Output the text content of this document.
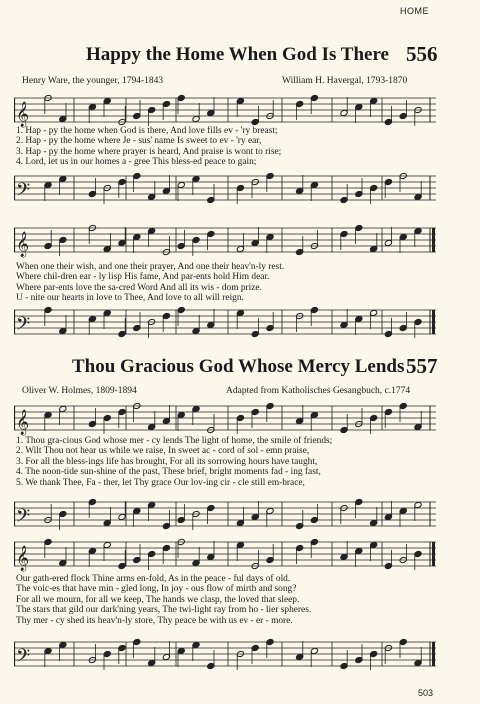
HOME
Happy the Home When God Is There 556
Henry Ware, the younger, 1794-1843	William H. Havergal, 1793-1870
𝄞
1. Hap - py the home when God is there, And love fills ev - 'ry breast;
2. Hap - py the home where Je - sus' name Is sweet to ev - 'ry ear,
3. Hap - py the home where prayer is heard, And praise is wont to rise;
4. Lord, let us in our homes a - gree This bless-ed peace to gain;
𝄢
𝄞
When one their wish, and one their prayer, And one their heav'n-ly rest.
Where chil-dren ear - ly lisp His fame, And par-ents hold Him dear.
Where par-ents love the sa-cred Word And all its wis - dom prize.
U - nite our hearts in love to Thee, And love to all will reign.
𝄢
Thou Gracious God Whose Mercy Lends 557
Oliver W. Holmes, 1809-1894	Adapted from Katholisches Gesangbuch, c.1774
𝄞
1. Thou gra-cious God whose mer - cy lends The light of home, the smile of friends;
2. Wilt Thou not hear us while we raise, In sweet ac - cord of sol - emn praise,
3. For all the bless-ings life has brought, For all its sorrowing hours have taught,
4. The noon-tide sun-shine of the past, These brief, bright moments fad - ing fast,
5. We thank Thee, Fa - ther, let Thy grace Our lov-ing cir - cle still em-brace,
𝄢
𝄞
Our gath-ered flock Thine arms en-fold, As in the peace - ful days of old.
The voic-es that have min - gled long, In joy - ous flow of mirth and song?
For all we mourn, for all we keep, The hands we clasp, the loved that sleep.
The stars that gild our dark'ning years, The twi-light ray from ho - lier spheres.
Thy mer - cy shed its heav'n-ly store, Thy peace be with us ev - er - more.
𝄢
503
